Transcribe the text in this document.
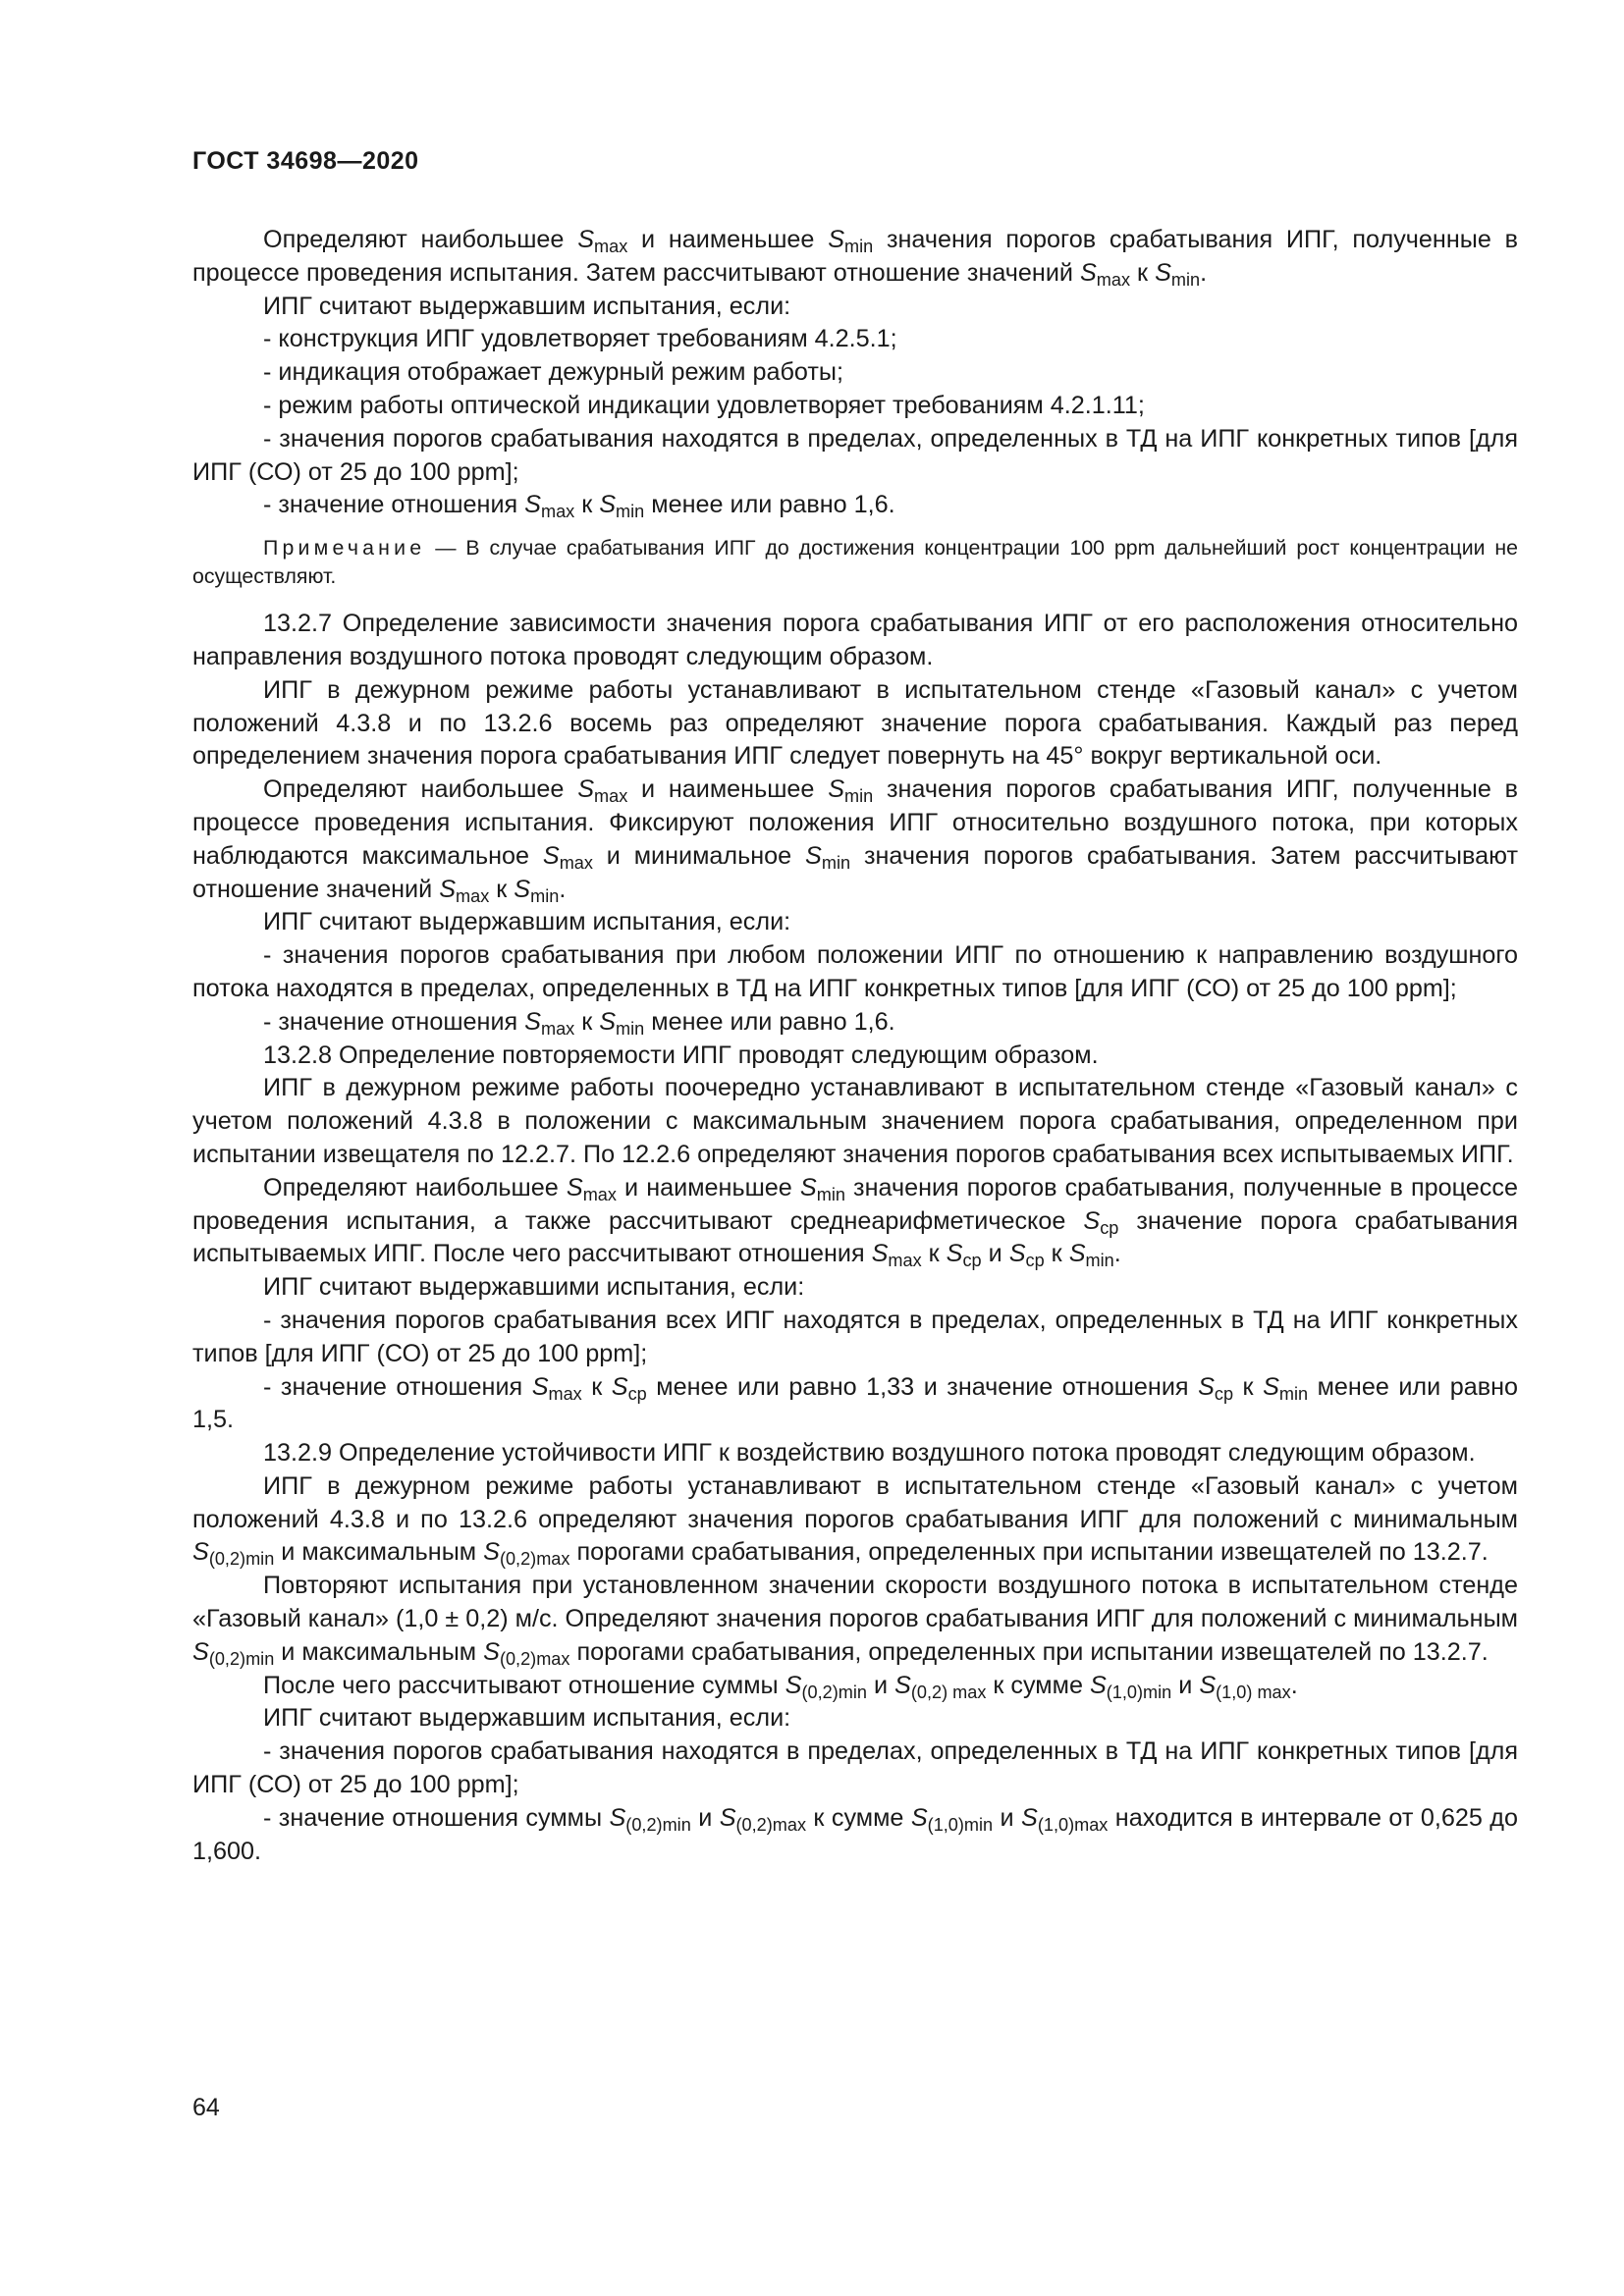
ГОСТ 34698—2020

Определяют наибольшее $S_{max}$ и наименьшее $S_{min}$ значения порогов срабатывания ИПГ, полученные в процессе проведения испытания. Затем рассчитывают отношение значений $S_{max}$ к $S_{min}$.

ИПГ считают выдержавшим испытания, если:

- конструкция ИПГ удовлетворяет требованиям 4.2.5.1;

- индикация отображает дежурный режим работы;

- режим работы оптической индикации удовлетворяет требованиям 4.2.1.11;

- значения порогов срабатывания находятся в пределах, определенных в ТД на ИПГ конкретных типов [для ИПГ (СО) от 25 до 100 ppm];

- значение отношения $S_{max}$ к $S_{min}$ менее или равно 1,6.

Примечание — В случае срабатывания ИПГ до достижения концентрации 100 ppm дальнейший рост концентрации не осуществляют.

13.2.7 Определение зависимости значения порога срабатывания ИПГ от его расположения относительно направления воздушного потока проводят следующим образом.

ИПГ в дежурном режиме работы устанавливают в испытательном стенде «Газовый канал» с учетом положений 4.3.8 и по 13.2.6 восемь раз определяют значение порога срабатывания. Каждый раз перед определением значения порога срабатывания ИПГ следует повернуть на 45° вокруг вертикальной оси.

Определяют наибольшее $S_{max}$ и наименьшее $S_{min}$ значения порогов срабатывания ИПГ, полученные в процессе проведения испытания. Фиксируют положения ИПГ относительно воздушного потока, при которых наблюдаются максимальное $S_{max}$ и минимальное $S_{min}$ значения порогов срабатывания. Затем рассчитывают отношение значений $S_{max}$ к $S_{min}$.

ИПГ считают выдержавшим испытания, если:

- значения порогов срабатывания при любом положении ИПГ по отношению к направлению воздушного потока находятся в пределах, определенных в ТД на ИПГ конкретных типов [для ИПГ (СО) от 25 до 100 ppm];

- значение отношения $S_{max}$ к $S_{min}$ менее или равно 1,6.

13.2.8 Определение повторяемости ИПГ проводят следующим образом.

ИПГ в дежурном режиме работы поочередно устанавливают в испытательном стенде «Газовый канал» с учетом положений 4.3.8 в положении с максимальным значением порога срабатывания, определенном при испытании извещателя по 12.2.7. По 12.2.6 определяют значения порогов срабатывания всех испытываемых ИПГ.

Определяют наибольшее $S_{max}$ и наименьшее $S_{min}$ значения порогов срабатывания, полученные в процессе проведения испытания, а также рассчитывают среднеарифметическое $S_{ср}$ значение порога срабатывания испытываемых ИПГ. После чего рассчитывают отношения $S_{max}$ к $S_{ср}$ и $S_{ср}$ к $S_{min}$.

ИПГ считают выдержавшими испытания, если:

- значения порогов срабатывания всех ИПГ находятся в пределах, определенных в ТД на ИПГ конкретных типов [для ИПГ (СО) от 25 до 100 ppm];

- значение отношения $S_{max}$ к $S_{ср}$ менее или равно 1,33 и значение отношения $S_{ср}$ к $S_{min}$ менее или равно 1,5.

13.2.9 Определение устойчивости ИПГ к воздействию воздушного потока проводят следующим образом.

ИПГ в дежурном режиме работы устанавливают в испытательном стенде «Газовый канал» с учетом положений 4.3.8 и по 13.2.6 определяют значения порогов срабатывания ИПГ для положений с минимальным $S_{(0,2)min}$ и максимальным $S_{(0,2)max}$ порогами срабатывания, определенных при испытании извещателей по 13.2.7.

Повторяют испытания при установленном значении скорости воздушного потока в испытательном стенде «Газовый канал» (1,0 ± 0,2) м/с. Определяют значения порогов срабатывания ИПГ для положений с минимальным $S_{(0,2)min}$ и максимальным $S_{(0,2)max}$ порогами срабатывания, определенных при испытании извещателей по 13.2.7.

После чего рассчитывают отношение суммы $S_{(0,2)min}$ и $S_{(0,2) max}$ к сумме $S_{(1,0)min}$ и $S_{(1,0) max}$.

ИПГ считают выдержавшим испытания, если:

- значения порогов срабатывания находятся в пределах, определенных в ТД на ИПГ конкретных типов [для ИПГ (СО) от 25 до 100 ppm];

- значение отношения суммы $S_{(0,2)min}$ и $S_{(0,2)max}$ к сумме $S_{(1,0)min}$ и $S_{(1,0)max}$ находится в интервале от 0,625 до 1,600.

64
